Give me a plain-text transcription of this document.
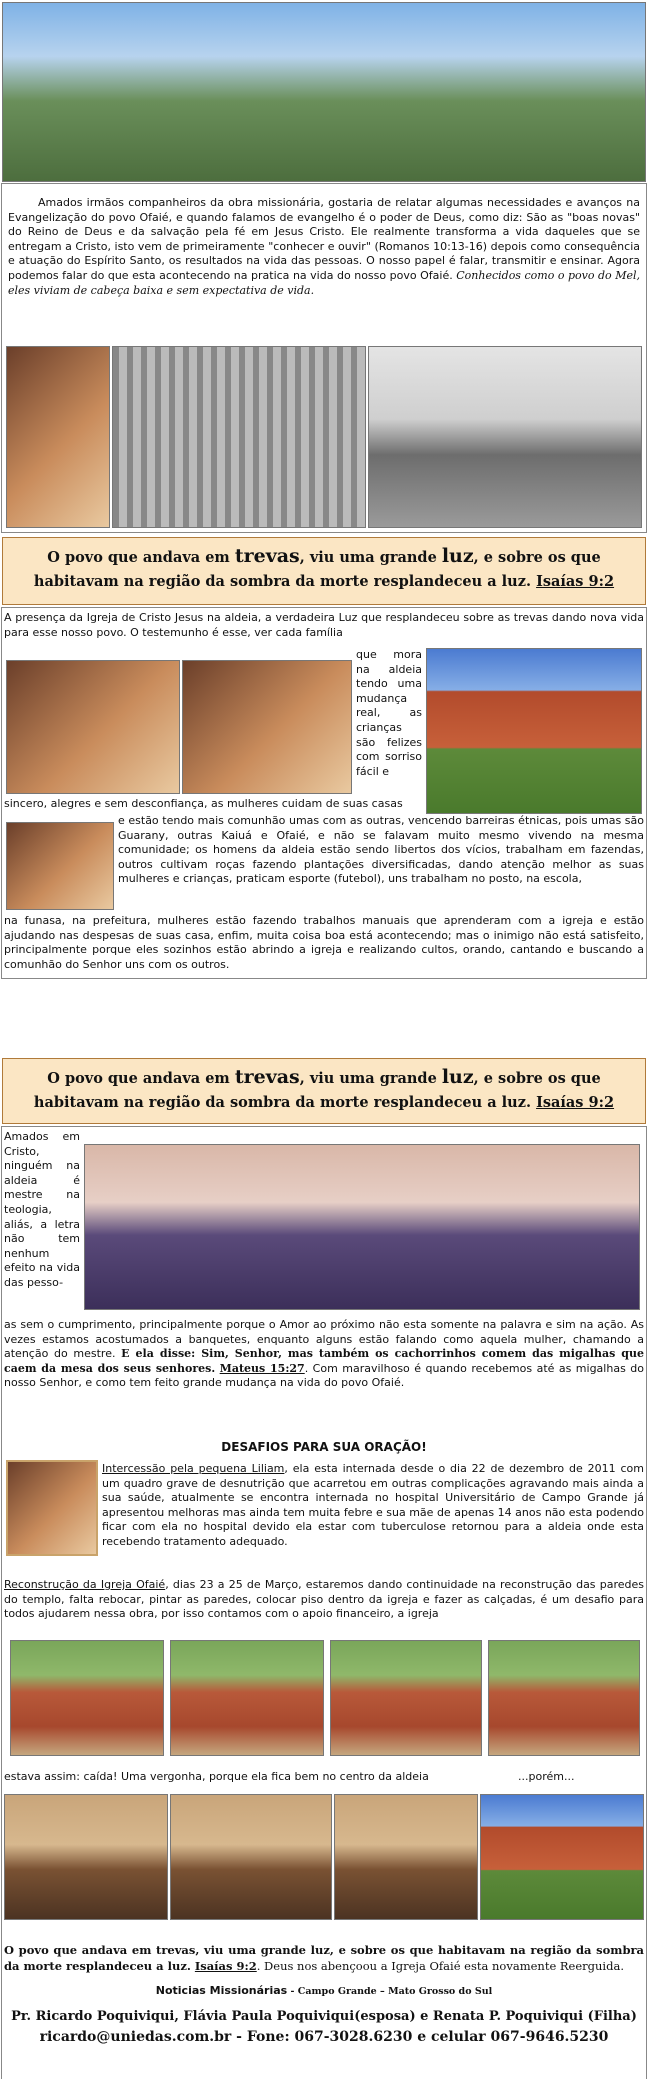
Amados irmãos companheiros da obra missionária, gostaria de relatar algumas necessidades e avanços na Evangelização do povo Ofaié, e quando falamos de evangelho é o poder de Deus, como diz: São as "boas novas" do Reino de Deus e da salvação pela fé em Jesus Cristo. Ele realmente transforma a vida daqueles que se entregam a Cristo, isto vem de primeiramente "conhecer e ouvir" (Romanos 10:13-16) depois como consequência e atuação do Espírito Santo, os resultados na vida das pessoas. O nosso papel é falar, transmitir e ensinar. Agora podemos falar do que esta acontecendo na pratica na vida do nosso povo Ofaié. Conhecidos como o povo do Mel, eles viviam de cabeça baixa e sem expectativa de vida.
O povo que andava em trevas, viu uma grande luz, e sobre os que habitavam na região da sombra da morte resplandeceu a luz. Isaías 9:2
A presença da Igreja de Cristo Jesus na aldeia, a verdadeira Luz que resplandeceu sobre as trevas dando nova vida para esse nosso povo. O testemunho é esse, ver cada família
que mora na aldeia tendo uma mudança real, as crianças são felizes com sorriso fácil e
sincero, alegres e sem desconfiança, as mulheres cuidam de suas casas
e estão tendo mais comunhão umas com as outras, vencendo barreiras étnicas, pois umas são Guarany, outras Kaiuá e Ofaié, e não se falavam muito mesmo vivendo na mesma comunidade; os homens da aldeia estão sendo libertos dos vícios, trabalham em fazendas, outros cultivam roças fazendo plantações diversificadas, dando atenção melhor as suas mulheres e crianças, praticam esporte (futebol), uns trabalham no posto, na escola,
na funasa, na prefeitura, mulheres estão fazendo trabalhos manuais que aprenderam com a igreja e estão ajudando nas despesas de suas casa, enfim, muita coisa boa está acontecendo; mas o inimigo não está satisfeito, principalmente porque eles sozinhos estão abrindo a igreja e realizando cultos, orando, cantando e buscando a comunhão do Senhor uns com os outros.
O povo que andava em trevas, viu uma grande luz, e sobre os que habitavam na região da sombra da morte resplandeceu a luz. Isaías 9:2
Amados em Cristo, ninguém na aldeia é mestre na teologia, aliás, a letra não tem nenhum efeito na vida das pesso-
as sem o cumprimento, principalmente porque o Amor ao próximo não esta somente na palavra e sim na ação. As vezes estamos acostumados a banquetes, enquanto alguns estão falando como aquela mulher, chamando a atenção do mestre. E ela disse: Sim, Senhor, mas também os cachorrinhos comem das migalhas que caem da mesa dos seus senhores. Mateus 15:27. Com maravilhoso é quando recebemos até as migalhas do nosso Senhor, e como tem feito grande mudança na vida do povo Ofaié.
DESAFIOS PARA SUA ORAÇÃO!
Intercessão pela pequena Liliam, ela esta internada desde o dia 22 de dezembro de 2011 com um quadro grave de desnutrição que acarretou em outras complicações agravando mais ainda a sua saúde, atualmente se encontra internada no hospital Universitário de Campo Grande já apresentou melhoras mas ainda tem muita febre e sua mãe de apenas 14 anos não esta podendo ficar com ela no hospital devido ela estar com tuberculose retornou para a aldeia onde esta recebendo tratamento adequado.
Reconstrução da Igreja Ofaié, dias 23 a 25 de Março, estaremos dando continuidade na reconstrução das paredes do templo, falta rebocar, pintar as paredes, colocar piso dentro da igreja e fazer as calçadas, é um desafio para todos ajudarem nessa obra, por isso contamos com o apoio financeiro, a igreja
estava assim: caída! Uma vergonha, porque ela fica bem no centro da aldeia	...porém...
O povo que andava em trevas, viu uma grande luz, e sobre os que habitavam na região da sombra da morte resplandeceu a luz. Isaías 9:2. Deus nos abençoou a Igreja Ofaié esta novamente Reerguida.
Noticias Missionárias - Campo Grande – Mato Grosso do Sul
Pr. Ricardo Poquiviqui, Flávia Paula Poquiviqui(esposa) e Renata P. Poquiviqui (Filha)
ricardo@uniedas.com.br - Fone: 067-3028.6230 e celular 067-9646.5230
